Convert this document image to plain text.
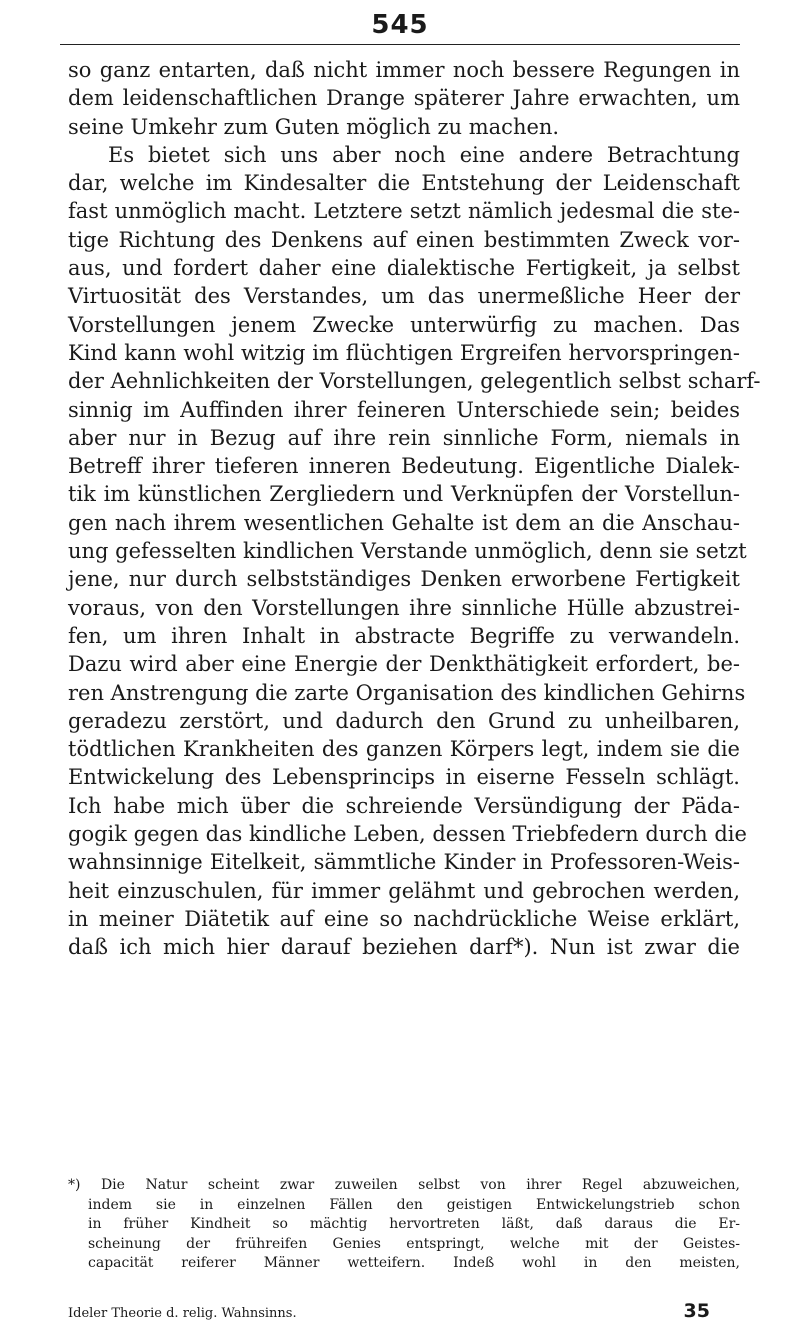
545
so ganz entarten, daß nicht immer noch bessere Regungen in
dem leidenschaftlichen Drange späterer Jahre erwachten, um
seine Umkehr zum Guten möglich zu machen.
Es bietet sich uns aber noch eine andere Betrachtung
dar, welche im Kindesalter die Entstehung der Leidenschaft
fast unmöglich macht. Letztere setzt nämlich jedesmal die ste-
tige Richtung des Denkens auf einen bestimmten Zweck vor-
aus, und fordert daher eine dialektische Fertigkeit, ja selbst
Virtuosität des Verstandes, um das unermeßliche Heer der
Vorstellungen jenem Zwecke unterwürfig zu machen. Das
Kind kann wohl witzig im flüchtigen Ergreifen hervorspringen-
der Aehnlichkeiten der Vorstellungen, gelegentlich selbst scharf-
sinnig im Auffinden ihrer feineren Unterschiede sein; beides
aber nur in Bezug auf ihre rein sinnliche Form, niemals in
Betreff ihrer tieferen inneren Bedeutung. Eigentliche Dialek-
tik im künstlichen Zergliedern und Verknüpfen der Vorstellun-
gen nach ihrem wesentlichen Gehalte ist dem an die Anschau-
ung gefesselten kindlichen Verstande unmöglich, denn sie setzt
jene, nur durch selbstständiges Denken erworbene Fertigkeit
voraus, von den Vorstellungen ihre sinnliche Hülle abzustrei-
fen, um ihren Inhalt in abstracte Begriffe zu verwandeln.
Dazu wird aber eine Energie der Denkthätigkeit erfordert, be-
ren Anstrengung die zarte Organisation des kindlichen Gehirns
geradezu zerstört, und dadurch den Grund zu unheilbaren,
tödtlichen Krankheiten des ganzen Körpers legt, indem sie die
Entwickelung des Lebensprincips in eiserne Fesseln schlägt.
Ich habe mich über die schreiende Versündigung der Päda-
gogik gegen das kindliche Leben, dessen Triebfedern durch die
wahnsinnige Eitelkeit, sämmtliche Kinder in Professoren-Weis-
heit einzuschulen, für immer gelähmt und gebrochen werden,
in meiner Diätetik auf eine so nachdrückliche Weise erklärt,
daß ich mich hier darauf beziehen darf*). Nun ist zwar die
*) Die Natur scheint zwar zuweilen selbst von ihrer Regel abzuweichen,
indem sie in einzelnen Fällen den geistigen Entwickelungstrieb schon
in früher Kindheit so mächtig hervortreten läßt, daß daraus die Er-
scheinung der frühreifen Genies entspringt, welche mit der Geistes-
capacität reiferer Männer wetteifern. Indeß wohl in den meisten,
Ideler Theorie d. relig. Wahnsinns.	35
